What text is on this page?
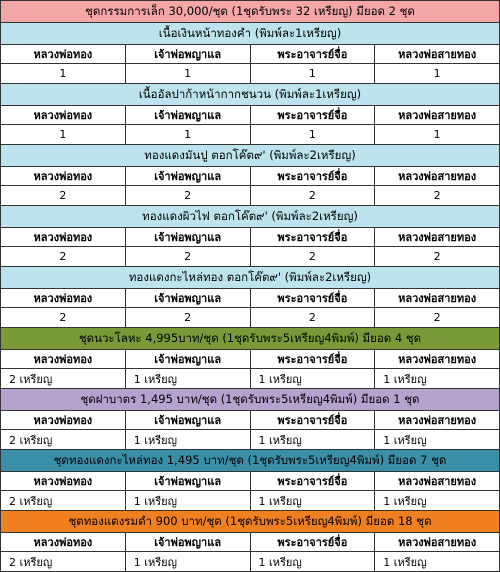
ชุดกรรมการเล็ก 30,000/ชุด (1ชุดรับพระ 32 เหรียญ) มียอด 2 ชุด			
เนื้อเงินหน้าทองคำ (พิมพ์ละ1เหรียญ)			
หลวงพ่อทอง	เจ้าพ่อพญาแล	พระอาจารย์จื่อ	หลวงพ่อสายทอง
1	1	1	1
เนื้ออัลปาก้าหน้ากากชนวน (พิมพ์ละ1เหรียญ)			
หลวงพ่อทอง	เจ้าพ่อพญาแล	พระอาจารย์จื่อ	หลวงพ่อสายทอง
1	1	1	1
ทองแดงมันปู ตอกโค๊ต๙' (พิมพ์ละ2เหรียญ)			
หลวงพ่อทอง	เจ้าพ่อพญาแล	พระอาจารย์จื่อ	หลวงพ่อสายทอง
2	2	2	2
ทองแดงผิวไฟ ตอกโค๊ต๙' (พิมพ์ละ2เหรียญ)			
หลวงพ่อทอง	เจ้าพ่อพญาแล	พระอาจารย์จื่อ	หลวงพ่อสายทอง
2	2	2	2
ทองแดงกะไหล่ทอง ตอกโค๊ต๙' (พิมพ์ละ2เหรียญ)			
หลวงพ่อทอง	เจ้าพ่อพญาแล	พระอาจารย์จื่อ	หลวงพ่อสายทอง
2	2	2	2
ชุดนวะโลหะ 4,995บาท/ชุด (1ชุดรับพระ5เหรียญ4พิมพ์) มียอด 4 ชุด			
หลวงพ่อทอง	เจ้าพ่อพญาแล	พระอาจารย์จื่อ	หลวงพ่อสายทอง
2 เหรียญ	1 เหรียญ	1 เหรียญ	1 เหรียญ
ชุดฝาบาตร 1,495 บาท/ชุด (1ชุดรับพระ5เหรียญ4พิมพ์) มียอด 1 ชุด			
หลวงพ่อทอง	เจ้าพ่อพญาแล	พระอาจารย์จื่อ	หลวงพ่อสายทอง
2 เหรียญ	1 เหรียญ	1 เหรียญ	1 เหรียญ
ชุดทองแดงกะไหล่ทอง 1,495 บาท/ชุด (1ชุดรับพระ5เหรียญ4พิมพ์) มียอด 7 ชุด			
หลวงพ่อทอง	เจ้าพ่อพญาแล	พระอาจารย์จื่อ	หลวงพ่อสายทอง
2 เหรียญ	1 เหรียญ	1 เหรียญ	1 เหรียญ
ชุดทองแดงรมดำ 900 บาท/ชุด (1ชุดรับพระ5เหรียญ4พิมพ์) มียอด 18 ชุด			
หลวงพ่อทอง	เจ้าพ่อพญาแล	พระอาจารย์จื่อ	หลวงพ่อสายทอง
2 เหรียญ	1 เหรียญ	1 เหรียญ	1 เหรียญ
